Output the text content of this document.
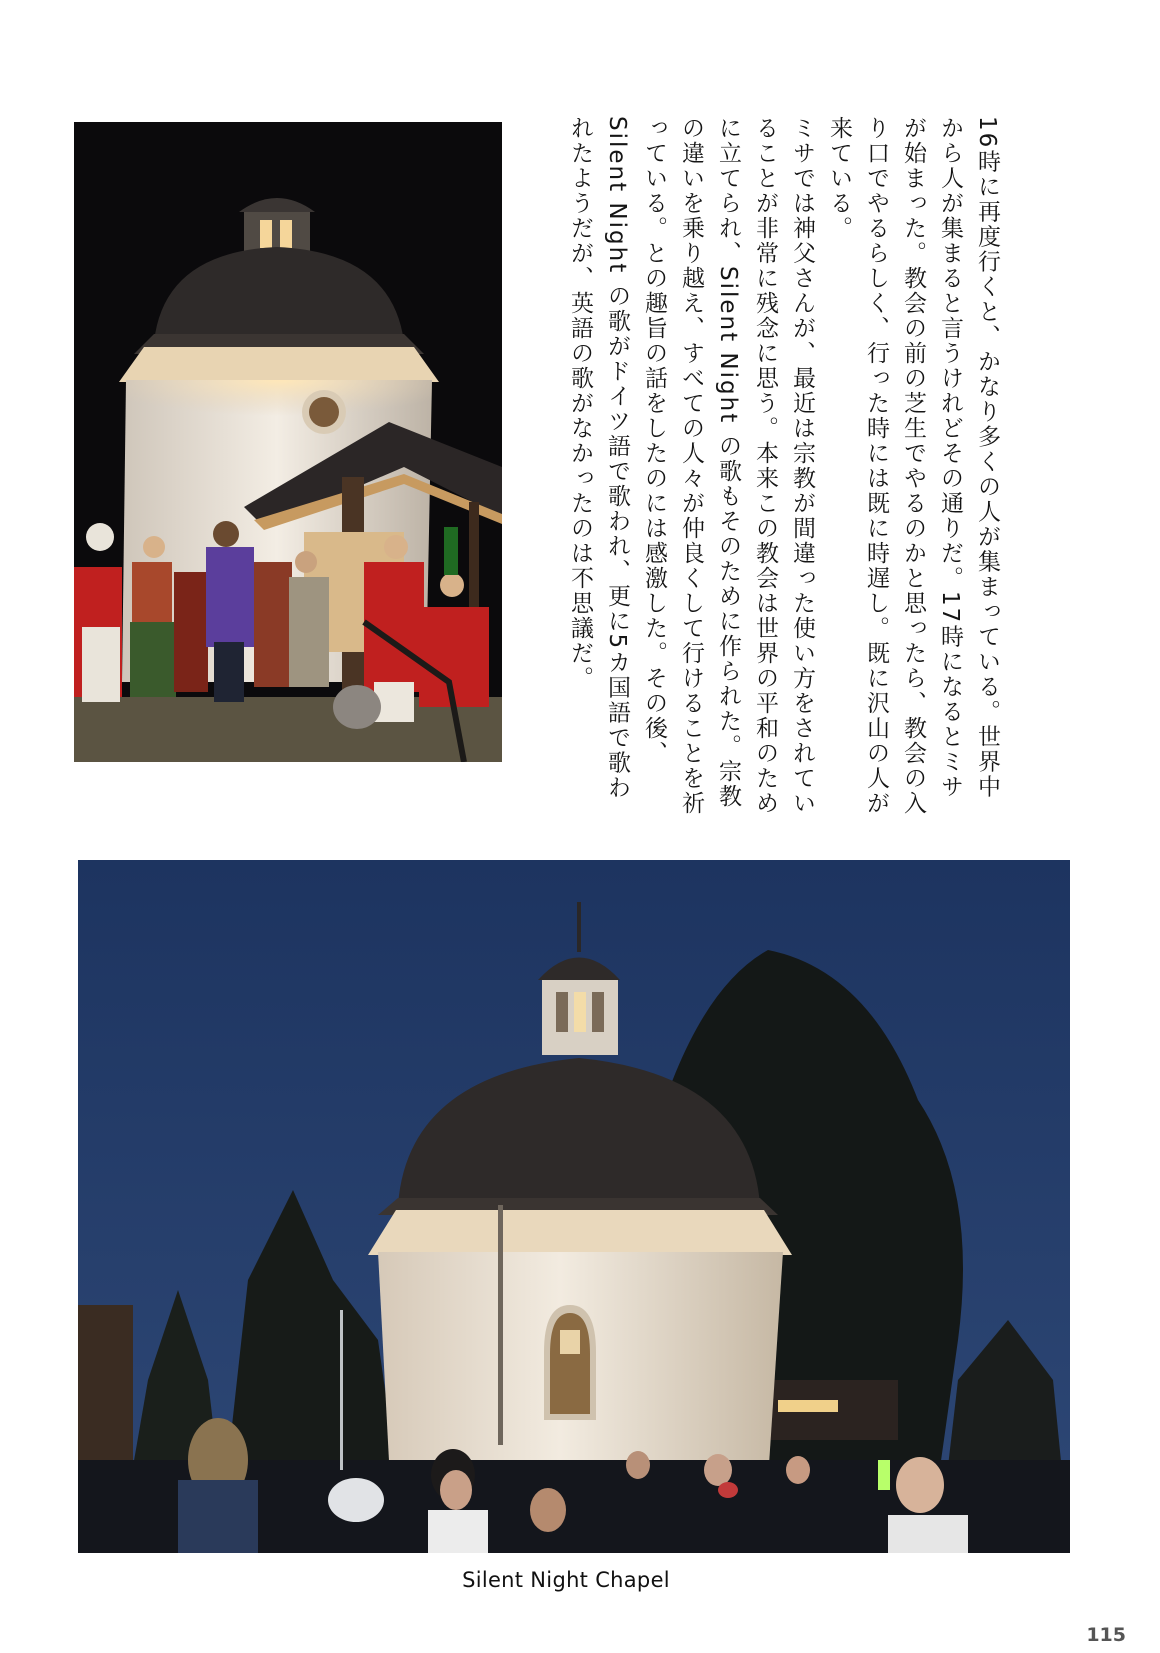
16時に再度行くと、かなり多くの人が集まっている。世界中から人が集まると言うけれどその通りだ。17時になるとミサが始まった。教会の前の芝生でやるのかと思ったら、教会の入り口でやるらしく、行った時には既に時遅し。既に沢山の人が来ている。

ミサでは神父さんが、最近は宗教が間違った使い方をされていることが非常に残念に思う。本来この教会は世界の平和のために立てられ、Silent Night の歌もそのために作られた。宗教の違いを乗り越え、すべての人々が仲良くして行けることを祈っている。との趣旨の話をしたのには感激した。その後、Silent Night の歌がドイツ語で歌われ、更に5カ国語で歌われたようだが、英語の歌がなかったのは不思議だ。

Silent Night Chapel
115
